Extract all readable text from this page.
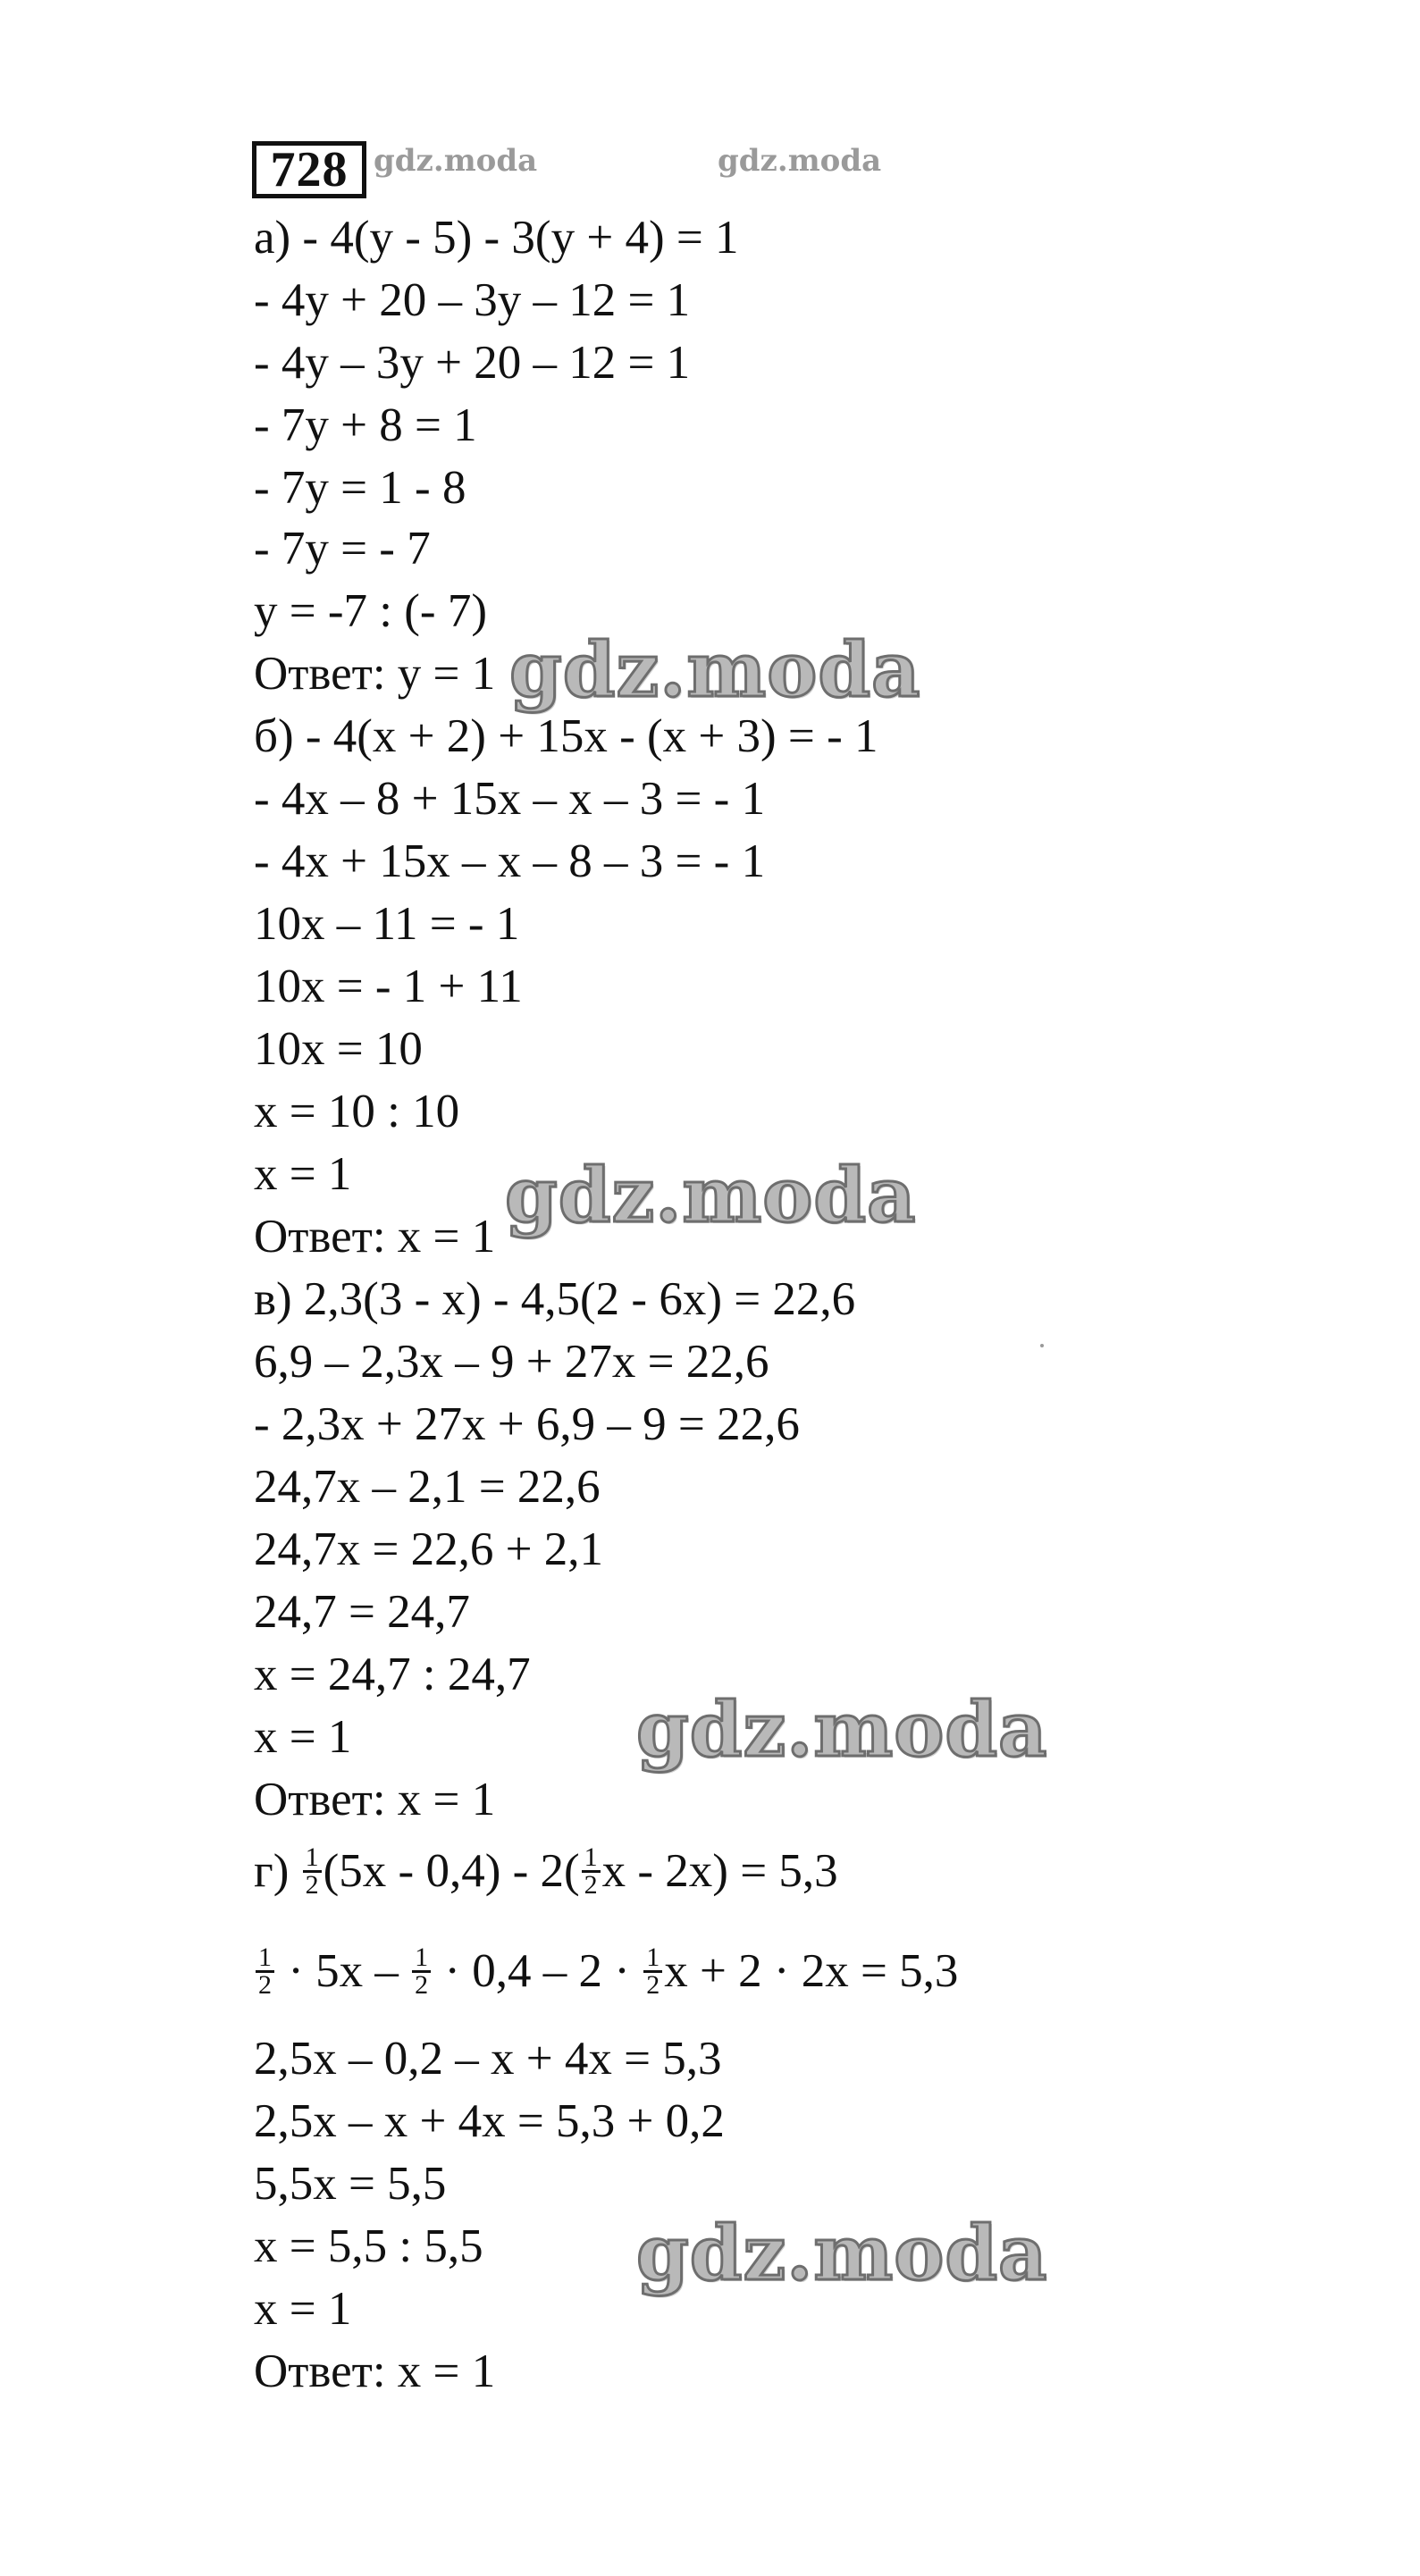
728 gdz.moda	gdz.moda
а) - 4(у - 5) - 3(у + 4) = 1
- 4у + 20 – 3у – 12 = 1
- 4у – 3у + 20 – 12 = 1
- 7у + 8 = 1
- 7у = 1 - 8
- 7у = - 7
у = -7 : (- 7)
Ответ: у = 1 gdz.moda
б) - 4(х + 2) + 15х - (х + 3) = - 1
- 4х – 8 + 15х – х – 3 = - 1
- 4х + 15х – х – 8 – 3 = - 1
10х – 11 = - 1
10х = - 1 + 11
10х = 10
х = 10 : 10
х = 1
Ответ: х = 1 gdz.moda
в) 2,3(3 - х) - 4,5(2 - 6х) = 22,6
6,9 – 2,3х – 9 + 27х = 22,6
- 2,3х + 27х + 6,9 – 9 = 22,6
24,7х – 2,1 = 22,6
24,7х = 22,6 + 2,1
24,7 = 24,7
х = 24,7 : 24,7
х = 1
Ответ: х = 1
gdz.moda
$г) \frac{1}{2} (5х - 0,4) - 2( \frac{1}{2}$ х - 2х) = 5,3
$\frac{1}{2} \cdot 5х - \frac{1}{2} \cdot 0,4 - 2 \cdot \frac{1}{2}$ х + 2 · 2х = 5,3
2,5х – 0,2 – х + 4х = 5,3
2,5х – х + 4х = 5,3 + 0,2
5,5х = 5,5
х = 5,5 : 5,5
х = 1
Ответ: х = 1
gdz.moda
